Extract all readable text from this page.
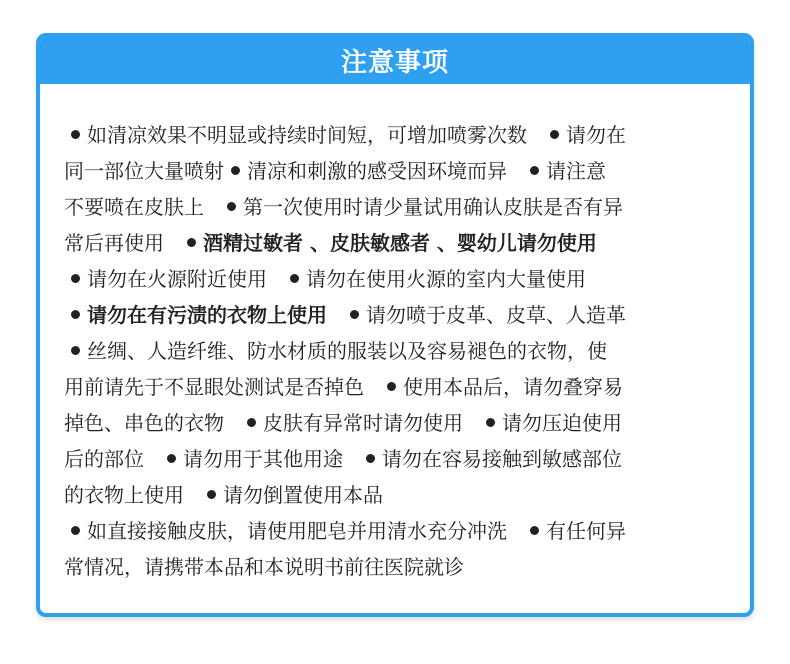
注意事项
如清凉效果不明显或持续时间短，可增加喷雾次数 请勿在
同一部位大量喷射 清凉和刺激的感受因环境而异 请注意
不要喷在皮肤上 第一次使用时请少量试用确认皮肤是否有异
常后再使用 酒精过敏者 、皮肤敏感者 、婴幼儿请勿使用
请勿在火源附近使用 请勿在使用火源的室内大量使用
请勿在有污渍的衣物上使用 请勿喷于皮革、皮草、人造革
丝绸、人造纤维、防水材质的服装以及容易褪色的衣物，使
用前请先于不显眼处测试是否掉色 使用本品后，请勿叠穿易
掉色、串色的衣物 皮肤有异常时请勿使用 请勿压迫使用
后的部位 请勿用于其他用途 请勿在容易接触到敏感部位
的衣物上使用 请勿倒置使用本品
如直接接触皮肤，请使用肥皂并用清水充分冲洗 有任何异
常情况，请携带本品和本说明书前往医院就诊
